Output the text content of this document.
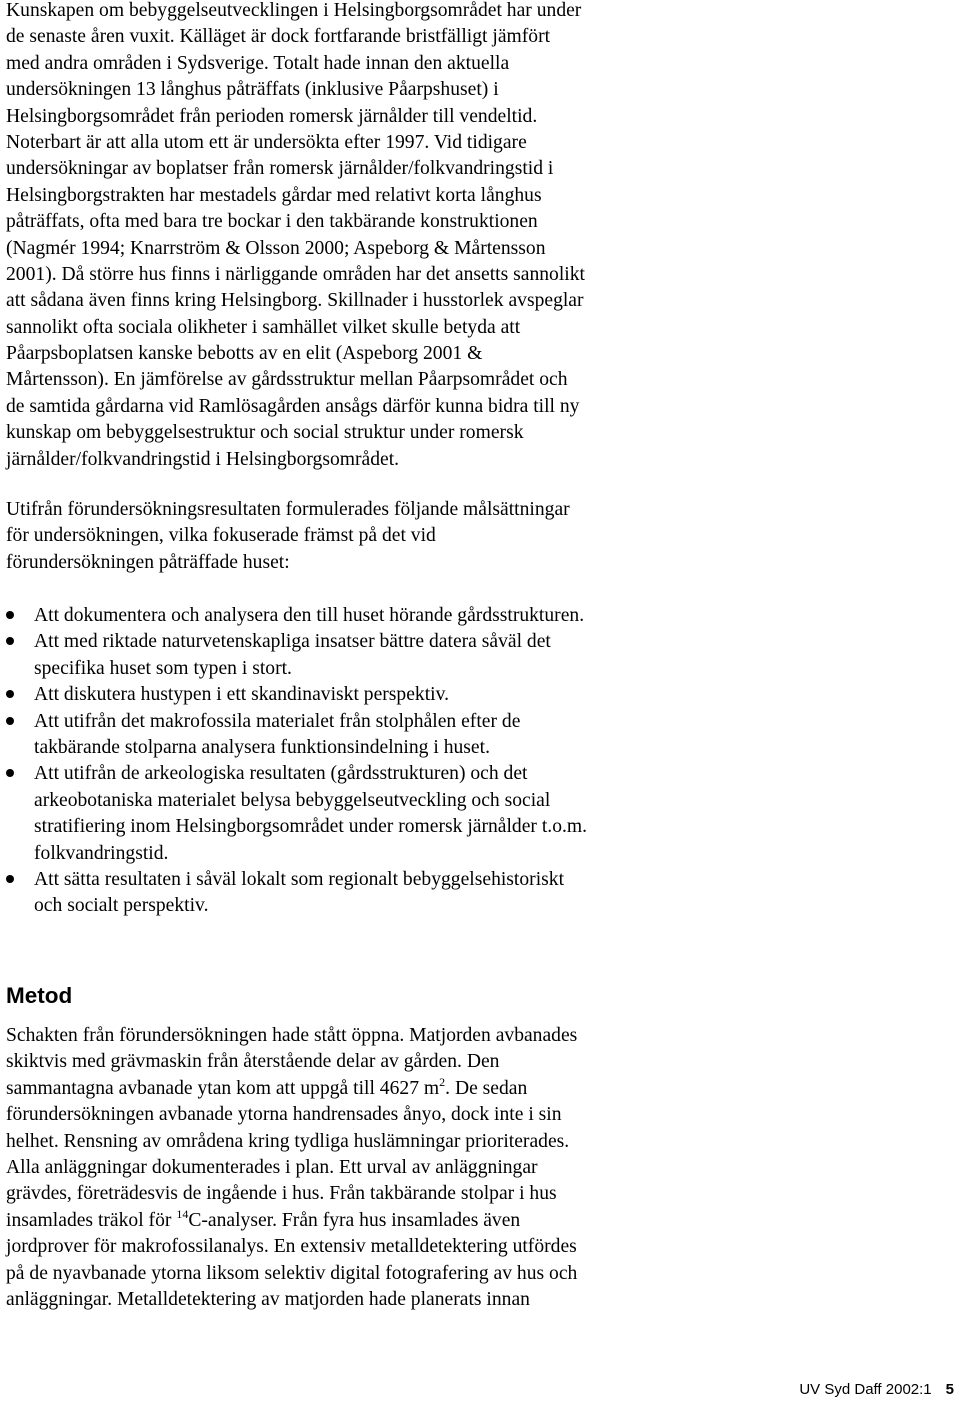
Kunskapen om bebyggelseutvecklingen i Helsingborgsområdet har under
de senaste åren vuxit. Källäget är dock fortfarande bristfälligt jämfört
med andra områden i Sydsverige. Totalt hade innan den aktuella
undersökningen 13 långhus påträffats (inklusive Påarpshuset) i
Helsingborgsområdet från perioden romersk järnålder till vendeltid.
Noterbart är att alla utom ett är undersökta efter 1997. Vid tidigare
undersökningar av boplatser från romersk järnålder/folkvandringstid i
Helsingborgstrakten har mestadels gårdar med relativt korta långhus
påträffats, ofta med bara tre bockar i den takbärande konstruktionen
(Nagmér 1994; Knarrström & Olsson 2000; Aspeborg & Mårtensson
2001). Då större hus finns i närliggande områden har det ansetts sannolikt
att sådana även finns kring Helsingborg. Skillnader i husstorlek avspeglar
sannolikt ofta sociala olikheter i samhället vilket skulle betyda att
Påarpsboplatsen kanske bebotts av en elit (Aspeborg 2001 &
Mårtensson). En jämförelse av gårdsstruktur mellan Påarpsområdet och
de samtida gårdarna vid Ramlösagården ansågs därför kunna bidra till ny
kunskap om bebyggelsestruktur och social struktur under romersk
järnålder/folkvandringstid i Helsingborgsområdet.

Utifrån förundersökningsresultaten formulerades följande målsättningar
för undersökningen, vilka fokuserade främst på det vid
förundersökningen påträffade huset:

Att dokumentera och analysera den till huset hörande gårdsstrukturen.
Att med riktade naturvetenskapliga insatser bättre datera såväl det
specifika huset som typen i stort.
Att diskutera hustypen i ett skandinaviskt perspektiv.
Att utifrån det makrofossila materialet från stolphålen efter de
takbärande stolparna analysera funktionsindelning i huset.
Att utifrån de arkeologiska resultaten (gårdsstrukturen) och det
arkeobotaniska materialet belysa bebyggelseutveckling och social
stratifiering inom Helsingborgsområdet under romersk järnålder t.o.m.
folkvandringstid.
Att sätta resultaten i såväl lokalt som regionalt bebyggelsehistoriskt
och socialt perspektiv.
Metod

Schakten från förundersökningen hade stått öppna. Matjorden avbanades
skiktvis med grävmaskin från återstående delar av gården. Den
sammantagna avbanade ytan kom att uppgå till 4627 $m^2$. De sedan
förundersökningen avbanade ytorna handrensades ånyo, dock inte i sin
helhet. Rensning av områdena kring tydliga huslämningar prioriterades.
Alla anläggningar dokumenterades i plan. Ett urval av anläggningar
grävdes, företrädesvis de ingående i hus. Från takbärande stolpar i hus
insamlades träkol för $^{14}$C-analyser. Från fyra hus insamlades även
jordprover för makrofossilanalys. En extensiv metalldetektering utfördes
på de nyavbanade ytorna liksom selektiv digital fotografering av hus och
anläggningar. Metalldetektering av matjorden hade planerats innan

UV Syd Daff 2002:1 5
